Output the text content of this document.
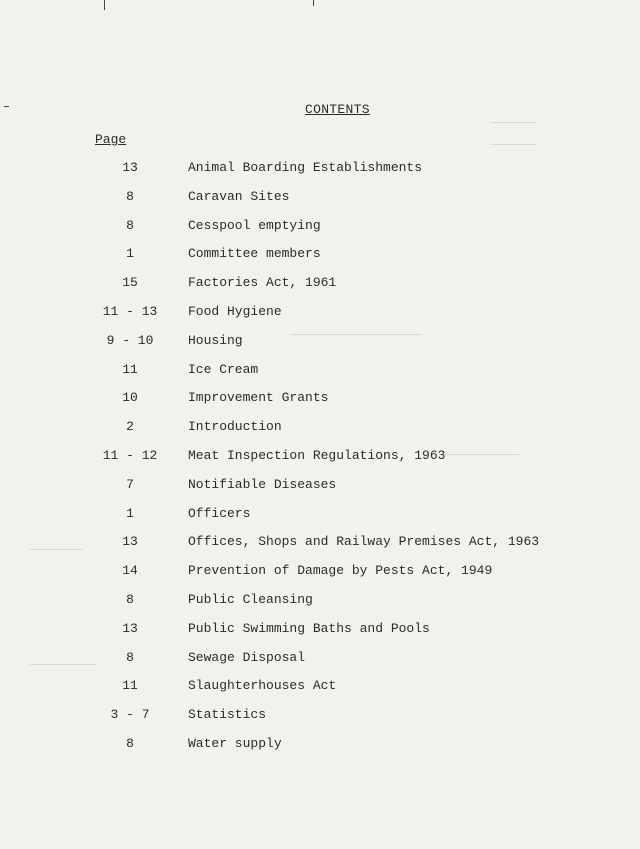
───────
───────
────────────────────
────────────
────────
──────────
CONTENTS
Page
13	Animal Boarding Establishments
8	Caravan Sites
8	Cesspool emptying
1	Committee members
15	Factories Act, 1961
11 - 13	Food Hygiene
9 - 10	Housing
11	Ice Cream
10	Improvement Grants
2	Introduction
11 - 12	Meat Inspection Regulations, 1963
7	Notifiable Diseases
1	Officers
13	Offices, Shops and Railway Premises Act, 1963
14	Prevention of Damage by Pests Act, 1949
8	Public Cleansing
13	Public Swimming Baths and Pools
8	Sewage Disposal
11	Slaughterhouses Act
3 - 7	Statistics
8	Water supply
